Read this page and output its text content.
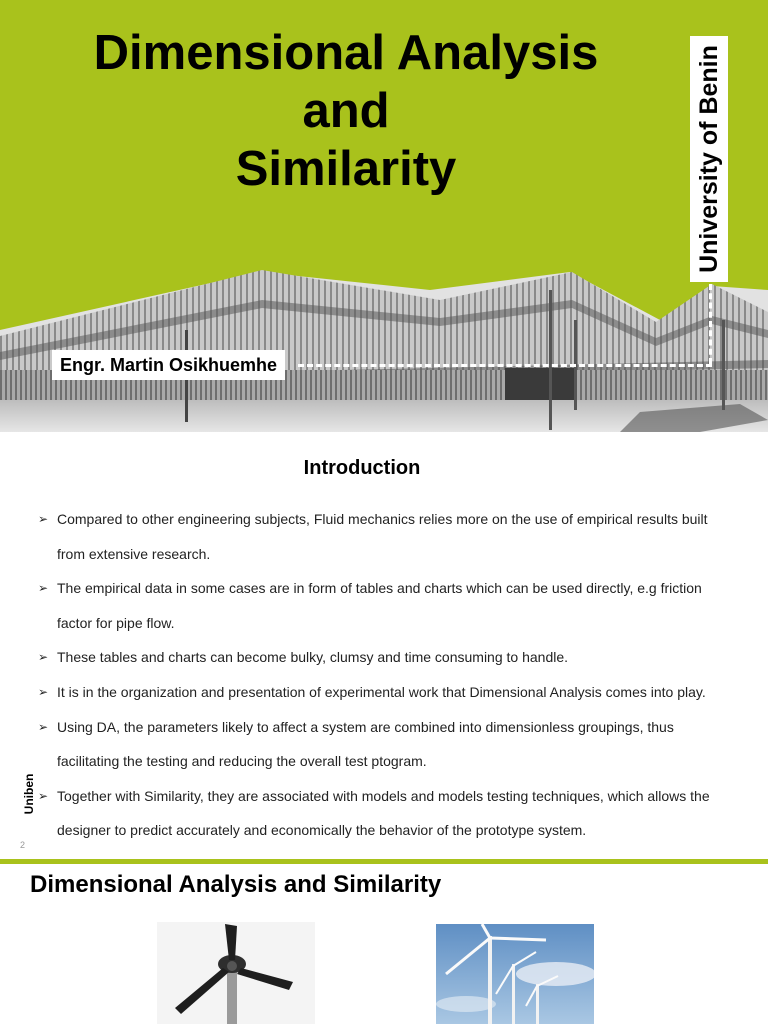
Dimensional Analysis
and
Similarity	University of Benin
Engr. Martin Osikhuemhe
Introduction
➢ Compared to other engineering subjects, Fluid mechanics relies more on the use of empirical results built from extensive research.
➢ The empirical data in some cases are in form of tables and charts which can be used directly, e.g friction factor for pipe flow.
➢ These tables and charts can become bulky, clumsy and time consuming to handle.
➢ It is in the organization and presentation of experimental work that Dimensional Analysis comes into play.
➢ Using DA, the parameters likely to affect a system are combined into dimensionless groupings, thus facilitating the testing and reducing the overall test ptogram.
➢ Together with Similarity, they are associated with models and models testing techniques, which allows the designer to predict accurately and economically the behavior of the prototype system.
Uniben
2
Dimensional Analysis and Similarity
